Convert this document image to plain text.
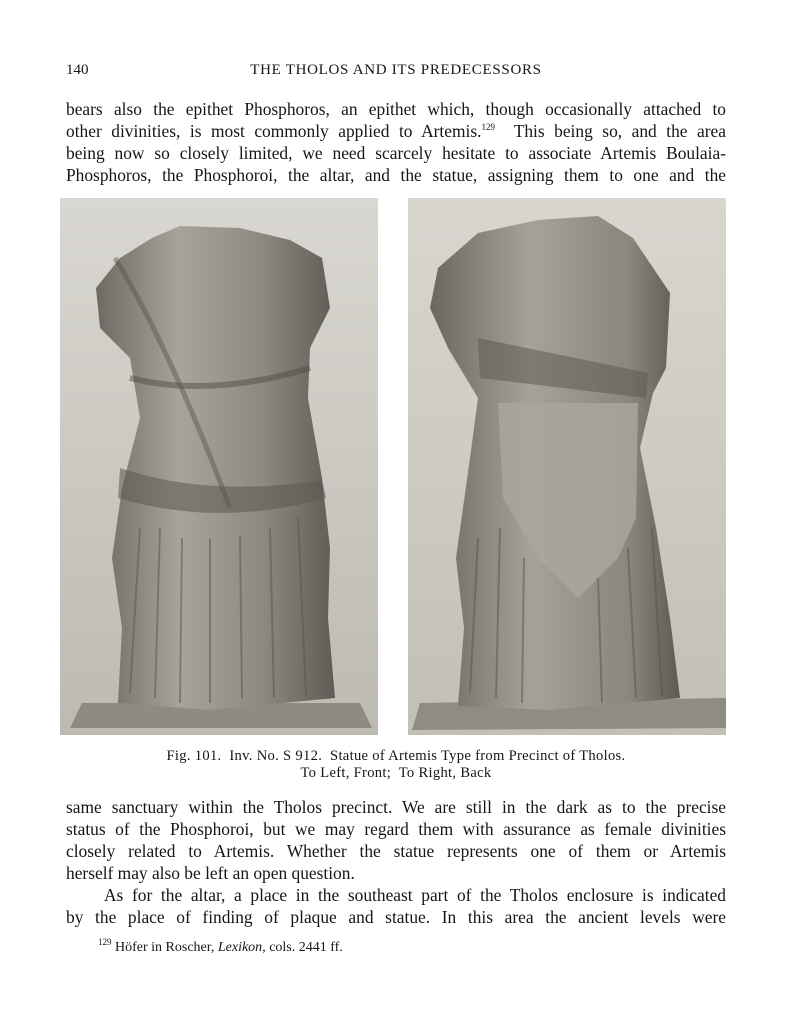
140	THE THOLOS AND ITS PREDECESSORS
bears also the epithet Phosphoros, an epithet which, though occasionally attached to
other divinities, is most commonly applied to Artemis.$^{129}$  This being so, and the area
being now so closely limited, we need scarcely hesitate to associate Artemis Boulaia-
Phosphoros, the Phosphoroi, the altar, and the statue, assigning them to one and the
Fig. 101.  Inv. No. S 912.  Statue of Artemis Type from Precinct of Tholos.
To Left, Front;  To Right, Back
same sanctuary within the Tholos precinct. We are still in the dark as to the precise
status of the Phosphoroi, but we may regard them with assurance as female divinities
closely related to Artemis. Whether the statue represents one of them or Artemis
herself may also be left an open question.
As for the altar, a place in the southeast part of the Tholos enclosure is indicated
by the place of finding of plaque and statue. In this area the ancient levels were
$^{129}$ Höfer in Roscher, Lexikon, cols. 2441 ff.
